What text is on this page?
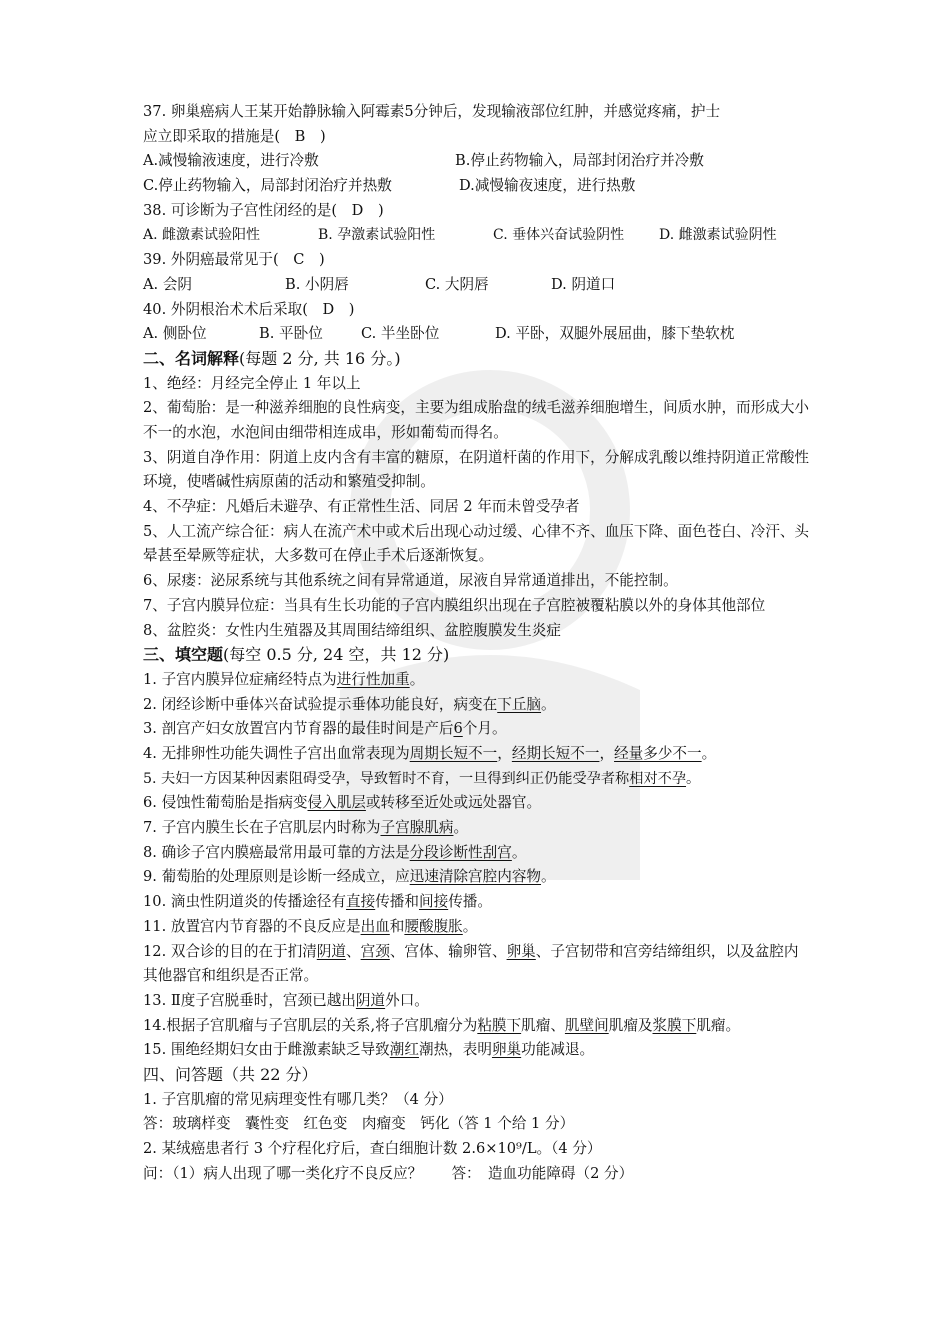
37. 卵巢癌病人王某开始静脉输入阿霉素5分钟后，发现输液部位红肿，并感觉疼痛，护士
应立即采取的措施是(　B　)
A.减慢输液速度，进行冷敷	B.停止药物输入，局部封闭治疗并冷敷
C.停止药物输入，局部封闭治疗并热敷	D.减慢输夜速度，进行热敷
38. 可诊断为子宫性闭经的是(　D　)
A. 雌激素试验阳性	B. 孕激素试验阳性	C. 垂体兴奋试验阴性	D. 雌激素试验阴性
39. 外阴癌最常见于(　C　)
A. 会阴	B. 小阴唇	C. 大阴唇	D. 阴道口
40. 外阴根治术术后采取(　D　)
A. 侧卧位	B. 平卧位	C. 半坐卧位	D. 平卧，双腿外展屈曲，膝下垫软枕
二、名词解释(每题 2 分, 共 16 分。)
1、绝经：月经完全停止 1 年以上
2、葡萄胎：是一种滋养细胞的良性病变，主要为组成胎盘的绒毛滋养细胞增生，间质水肿，而形成大小不一的水泡，水泡间由细带相连成串，形如葡萄而得名。
3、阴道自净作用：阴道上皮内含有丰富的糖原，在阴道杆菌的作用下，分解成乳酸以维持阴道正常酸性环境，使嗜碱性病原菌的活动和繁殖受抑制。
4、不孕症：凡婚后未避孕、有正常性生活、同居 2 年而未曾受孕者
5、人工流产综合征：病人在流产术中或术后出现心动过缓、心律不齐、血压下降、面色苍白、冷汗、头晕甚至晕厥等症状，大多数可在停止手术后逐渐恢复。
6、尿瘘：泌尿系统与其他系统之间有异常通道，尿液自异常通道排出，不能控制。
7、子宫内膜异位症：当具有生长功能的子宫内膜组织出现在子宫腔被覆粘膜以外的身体其他部位
8、盆腔炎：女性内生殖器及其周围结缔组织、盆腔腹膜发生炎症
三、填空题(每空 0.5 分, 24 空，共 12 分)
1. 子宫内膜异位症痛经特点为进行性加重。
2. 闭经诊断中垂体兴奋试验提示垂体功能良好，病变在下丘脑。
3. 剖宫产妇女放置宫内节育器的最佳时间是产后6个月。
4. 无排卵性功能失调性子宫出血常表现为周期长短不一，经期长短不一，经量多少不一。
5. 夫妇一方因某种因素阻碍受孕，导致暂时不育，一旦得到纠正仍能受孕者称相对不孕。
6. 侵蚀性葡萄胎是指病变侵入肌层或转移至近处或远处器官。
7. 子宫内膜生长在子宫肌层内时称为子宫腺肌病。
8. 确诊子宫内膜癌最常用最可靠的方法是分段诊断性刮宫。
9. 葡萄胎的处理原则是诊断一经成立，应迅速清除宫腔内容物。
10. 滴虫性阴道炎的传播途径有直接传播和间接传播。
11. 放置宫内节育器的不良反应是出血和腰酸腹胀。
12. 双合诊的目的在于扪清阴道、宫颈、宫体、输卵管、卵巢、子宫韧带和宫旁结缔组织，以及盆腔内其他器官和组织是否正常。
13. Ⅱ度子宫脱垂时，宫颈已越出阴道外口。
14.根据子宫肌瘤与子宫肌层的关系,将子宫肌瘤分为粘膜下肌瘤、肌壁间肌瘤及浆膜下肌瘤。
15. 围绝经期妇女由于雌激素缺乏导致潮红潮热，表明卵巢功能减退。
四、问答题（共 22 分）
1. 子宫肌瘤的常见病理变性有哪几类？（4 分）
答：玻璃样变　囊性变　红色变　肉瘤变　钙化（答 1 个给 1 分）
2. 某绒癌患者行 3 个疗程化疗后，查白细胞计数 2.6×10⁹/L。（4 分）
问：（1）病人出现了哪一类化疗不良反应？　　答：　造血功能障碍（2 分）
